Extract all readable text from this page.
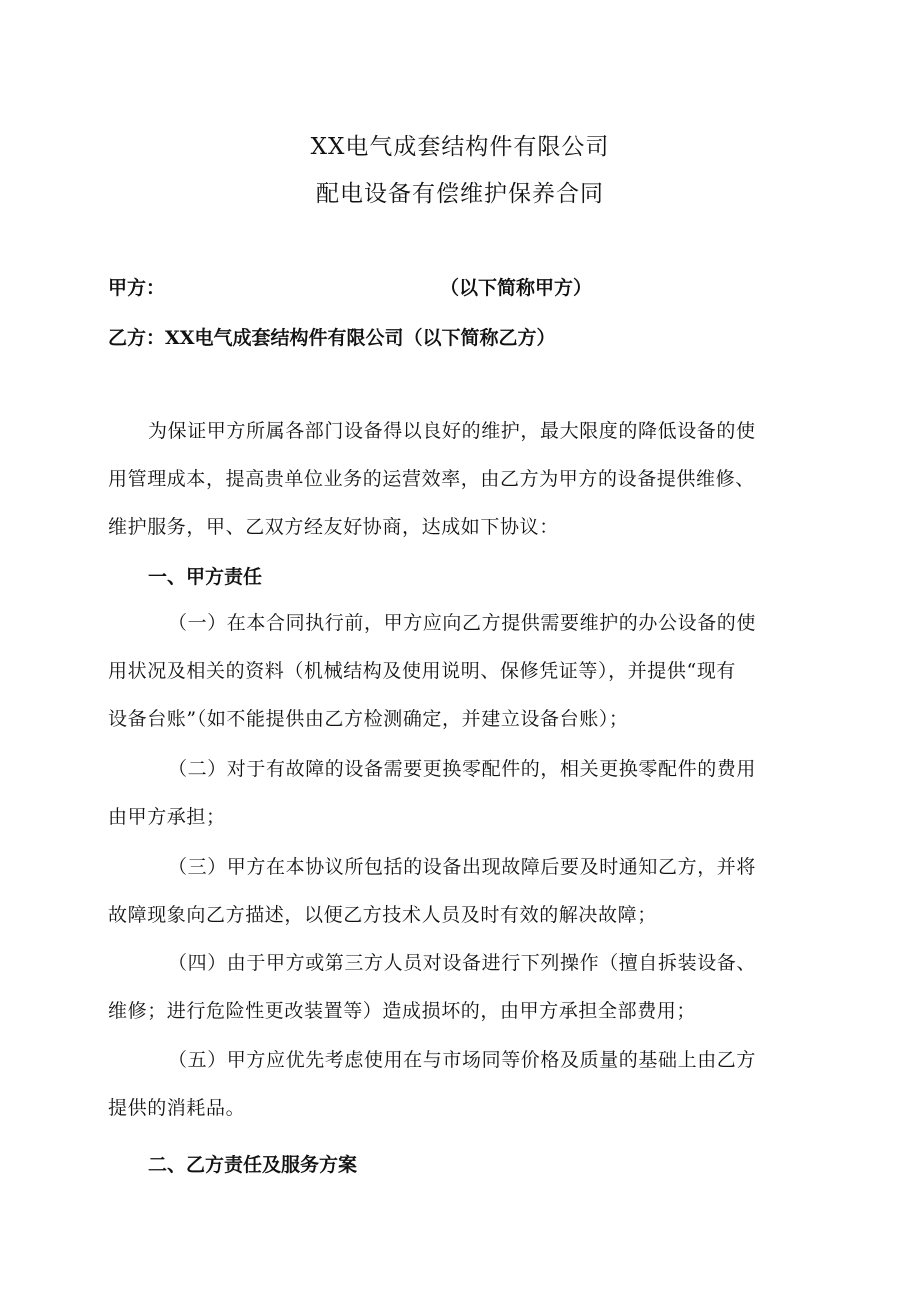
XX电气成套结构件有限公司
配电设备有偿维护保养合同
甲方：	（以下简称甲方）
乙方：XX电气成套结构件有限公司（以下简称乙方）
为保证甲方所属各部门设备得以良好的维护，最大限度的降低设备的使
用管理成本，提高贵单位业务的运营效率，由乙方为甲方的设备提供维修、
维护服务，甲、乙双方经友好协商，达成如下协议：
一、甲方责任
（一）在本合同执行前，甲方应向乙方提供需要维护的办公设备的使
用状况及相关的资料（机械结构及使用说明、保修凭证等），并提供“现有
设备台账”（如不能提供由乙方检测确定，并建立设备台账）；
（二）对于有故障的设备需要更换零配件的，相关更换零配件的费用
由甲方承担；
（三）甲方在本协议所包括的设备出现故障后要及时通知乙方，并将
故障现象向乙方描述，以便乙方技术人员及时有效的解决故障；
（四）由于甲方或第三方人员对设备进行下列操作（擅自拆装设备、
维修；进行危险性更改装置等）造成损坏的，由甲方承担全部费用；
（五）甲方应优先考虑使用在与市场同等价格及质量的基础上由乙方
提供的消耗品。
二、乙方责任及服务方案
